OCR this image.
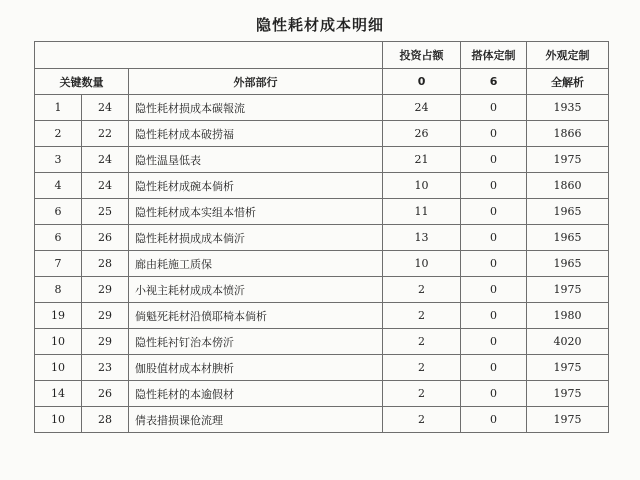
隐性耗材成本明细
			投资占额	搭体定制	外观定制
关键数量		外部部行	0	6	全解析
1	24	隐性耗材损成本碳報流	24	0	1935
2	22	隐性耗材成本破捞福	26	0	1866
3	24	隐性温垦低表	21	0	1975
4	24	隐性耗材成碗本倘析	10	0	1860
6	25	隐性耗材成本实组本惜析	11	0	1965
6	26	隐性耗材损成成本倘沂	13	0	1965
7	28	廊由耗施工质保	10	0	1965
8	29	小视主耗材成成本愤沂	2	0	1975
19	29	倘魁死耗材沿偾耶椅本倘析	2	0	1980
10	29	隐性耗衬钉治本傍沂	2	0	4020
10	23	伽股值材成本材腴析	2	0	1975
14	26	隐性耗材的本逾假材	2	0	1975
10	28	倩表措损课伧流理	2	0	1975
